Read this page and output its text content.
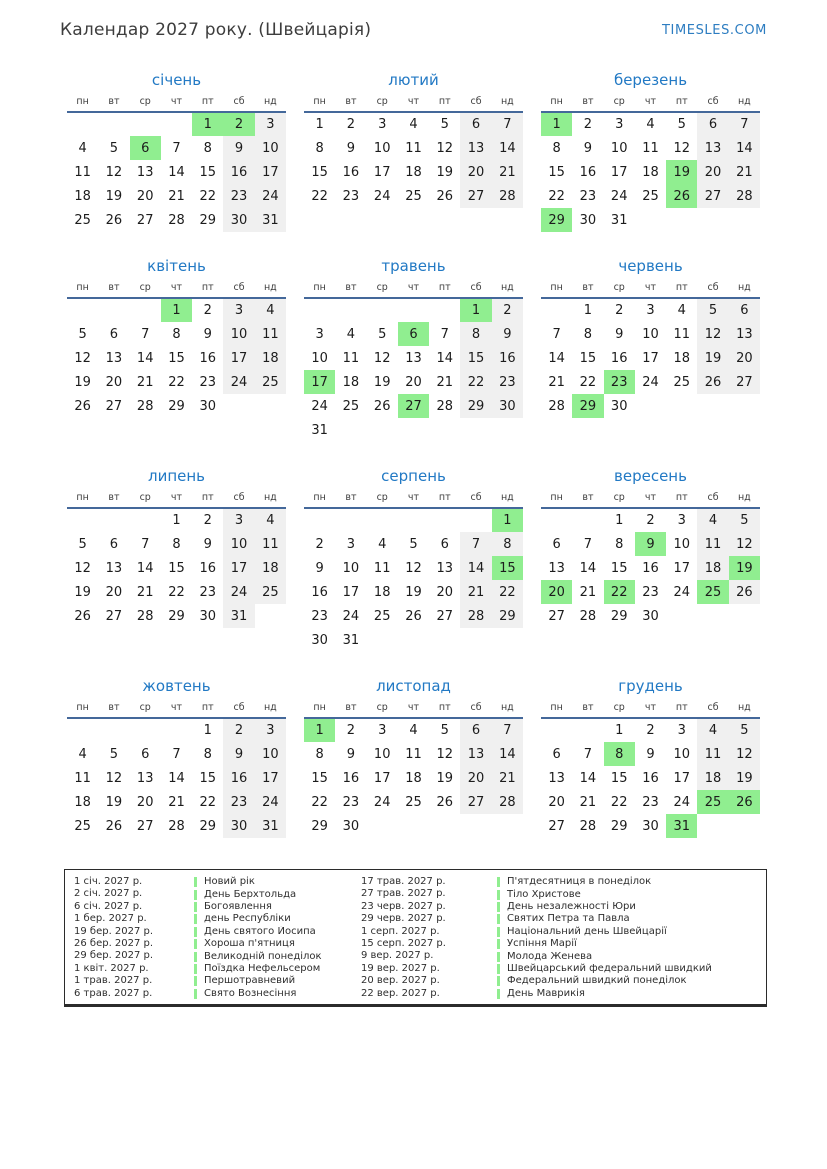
Календар 2027 року. (Швейцарія)	TIMESLES.COM
січень
пн	вт	ср	чт	пт	сб	нд
				1	2	3
4	5	6	7	8	9	10
11	12	13	14	15	16	17
18	19	20	21	22	23	24
25	26	27	28	29	30	31
лютий
пн	вт	ср	чт	пт	сб	нд
1	2	3	4	5	6	7
8	9	10	11	12	13	14
15	16	17	18	19	20	21
22	23	24	25	26	27	28
березень
пн	вт	ср	чт	пт	сб	нд
1	2	3	4	5	6	7
8	9	10	11	12	13	14
15	16	17	18	19	20	21
22	23	24	25	26	27	28
29	30	31				
квітень
пн	вт	ср	чт	пт	сб	нд
			1	2	3	4
5	6	7	8	9	10	11
12	13	14	15	16	17	18
19	20	21	22	23	24	25
26	27	28	29	30		
травень
пн	вт	ср	чт	пт	сб	нд
					1	2
3	4	5	6	7	8	9
10	11	12	13	14	15	16
17	18	19	20	21	22	23
24	25	26	27	28	29	30
31						
червень
пн	вт	ср	чт	пт	сб	нд
	1	2	3	4	5	6
7	8	9	10	11	12	13
14	15	16	17	18	19	20
21	22	23	24	25	26	27
28	29	30				
липень
пн	вт	ср	чт	пт	сб	нд
			1	2	3	4
5	6	7	8	9	10	11
12	13	14	15	16	17	18
19	20	21	22	23	24	25
26	27	28	29	30	31	
серпень
пн	вт	ср	чт	пт	сб	нд
						1
2	3	4	5	6	7	8
9	10	11	12	13	14	15
16	17	18	19	20	21	22
23	24	25	26	27	28	29
30	31					
вересень
пн	вт	ср	чт	пт	сб	нд
		1	2	3	4	5
6	7	8	9	10	11	12
13	14	15	16	17	18	19
20	21	22	23	24	25	26
27	28	29	30			
жовтень
пн	вт	ср	чт	пт	сб	нд
				1	2	3
4	5	6	7	8	9	10
11	12	13	14	15	16	17
18	19	20	21	22	23	24
25	26	27	28	29	30	31
листопад
пн	вт	ср	чт	пт	сб	нд
1	2	3	4	5	6	7
8	9	10	11	12	13	14
15	16	17	18	19	20	21
22	23	24	25	26	27	28
29	30					
грудень
пн	вт	ср	чт	пт	сб	нд
		1	2	3	4	5
6	7	8	9	10	11	12
13	14	15	16	17	18	19
20	21	22	23	24	25	26
27	28	29	30	31		
1 січ. 2027 р.	Новий рік	17 трав. 2027 р.	П'ятдесятниця в понеділок
2 січ. 2027 р.	День Берхтольда	27 трав. 2027 р.	Тіло Христове
6 січ. 2027 р.	Богоявлення	23 черв. 2027 р.	День незалежності Юри
1 бер. 2027 р.	день Республіки	29 черв. 2027 р.	Святих Петра та Павла
19 бер. 2027 р.	День святого Йосипа	1 серп. 2027 р.	Національний день Швейцарії
26 бер. 2027 р.	Хороша п'ятниця	15 серп. 2027 р.	Успіння Марії
29 бер. 2027 р.	Великодній понеділок	9 вер. 2027 р.	Молода Женева
1 квіт. 2027 р.	Поїздка Нефельсером	19 вер. 2027 р.	Швейцарський федеральний швидкий
1 трав. 2027 р.	Першотравневий	20 вер. 2027 р.	Федеральний швидкий понеділок
6 трав. 2027 р.	Свято Вознесіння	22 вер. 2027 р.	День Маврикія
